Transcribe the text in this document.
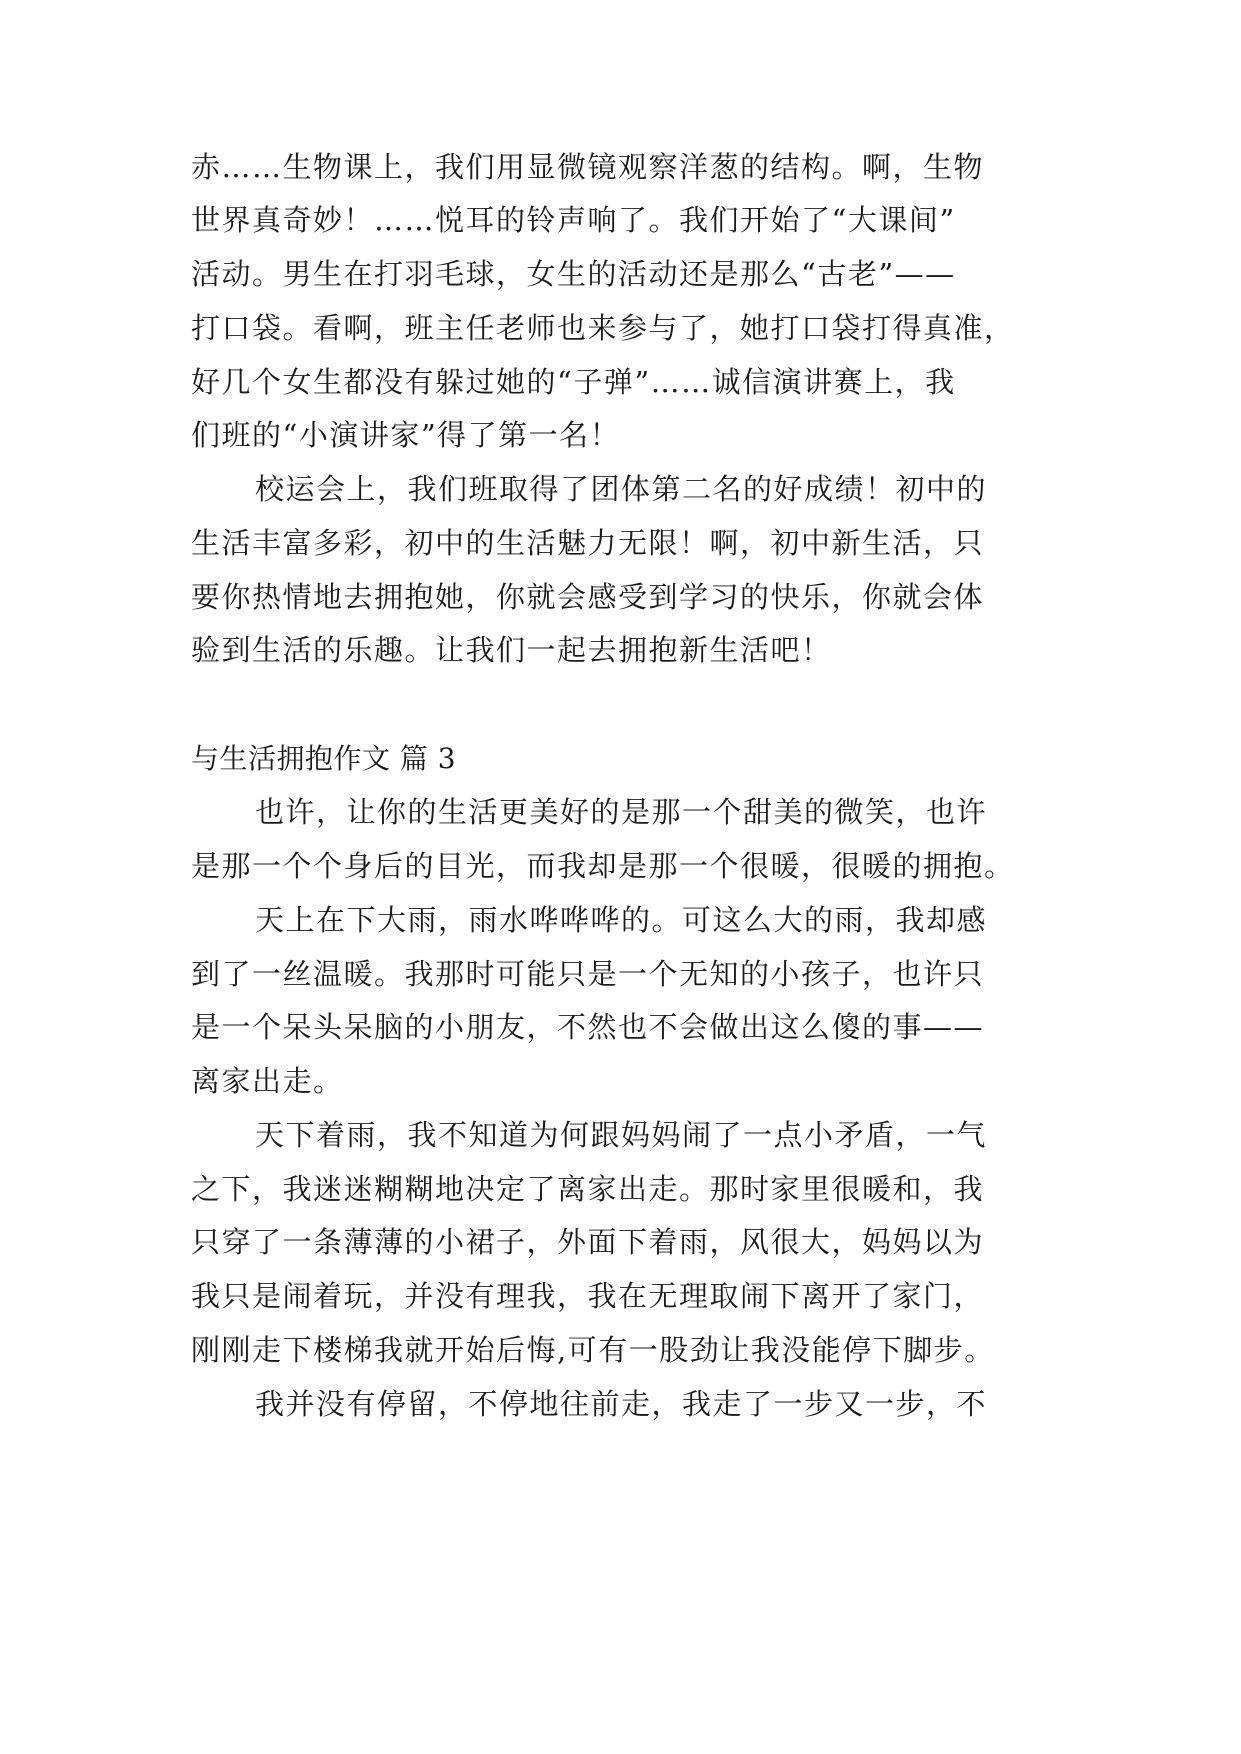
赤……生物课上，我们用显微镜观察洋葱的结构。啊，生物
世界真奇妙！……悦耳的铃声响了。我们开始了“大课间”
活动。男生在打羽毛球，女生的活动还是那么“古老”——
打口袋。看啊，班主任老师也来参与了，她打口袋打得真准，
好几个女生都没有躲过她的“子弹”……诚信演讲赛上，我
们班的“小演讲家”得了第一名！
校运会上，我们班取得了团体第二名的好成绩！初中的
生活丰富多彩，初中的生活魅力无限！啊，初中新生活，只
要你热情地去拥抱她，你就会感受到学习的快乐，你就会体
验到生活的乐趣。让我们一起去拥抱新生活吧！
与生活拥抱作文 篇 3
也许，让你的生活更美好的是那一个甜美的微笑，也许
是那一个个身后的目光，而我却是那一个很暖，很暖的拥抱。
天上在下大雨，雨水哗哗哗的。可这么大的雨，我却感
到了一丝温暖。我那时可能只是一个无知的小孩子，也许只
是一个呆头呆脑的小朋友，不然也不会做出这么傻的事——
离家出走。
天下着雨，我不知道为何跟妈妈闹了一点小矛盾，一气
之下，我迷迷糊糊地决定了离家出走。那时家里很暖和，我
只穿了一条薄薄的小裙子，外面下着雨，风很大，妈妈以为
我只是闹着玩，并没有理我，我在无理取闹下离开了家门，
刚刚走下楼梯我就开始后悔,可有一股劲让我没能停下脚步。
我并没有停留，不停地往前走，我走了一步又一步，不
